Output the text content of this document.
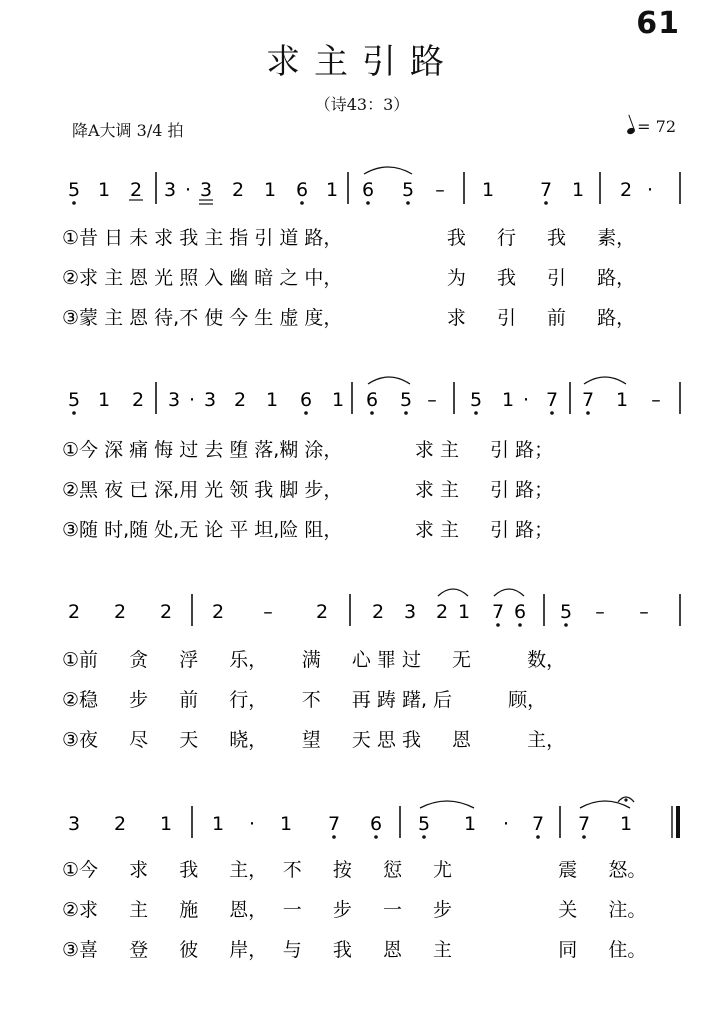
61
求主引路
（诗43：3）
降A大调 3/4 拍	= 72
5 1 2 3 · 3 2 1 6 1 6 5 – 1 7 1 2 ·
①昔 日 未 求 我 主 指 引 道 路，　　　　　　我 　 行 　 我 　 素，
②求 主 恩 光 照 入 幽 暗 之 中，　　　　　　为 　 我 　 引 　 路，
③蒙 主 恩 待,不 使 今 生 虚 度，　　　　　　求 　 引 　 前 　 路，
5 1 2 3 · 3 2 1 6 1 6 5 – 5 1 · 7 7 1 –
①今 深 痛 悔 过 去 堕 落,糊 涂，　　　　 求 主 　 引 路；
②黑 夜 已 深,用 光 领 我 脚 步，　　　　 求 主 　 引 路；
③随 时,随 处,无 论 平 坦,险 阻，　　　　 求 主 　 引 路；
2 2 2 2 – 2 2 3 2 1 7 6 5 – –
①前 　 贪 　 浮 　 乐，　　 满 　 心 罪 过 　 无 　 　 数，
②稳 　 步 　 前 　 行，　　 不 　 再 踌 躇, 后 　 　 顾，
③夜 　 尽 　 天 　 晓，　　 望 　 天 思 我 　 恩 　 　 主，
3 2 1 1 · 1 7 6 5 1 · 7 7 1
①今 　 求 　 我 　 主，　 不 　 按 　 愆 　 尤 　 　 　 　 震 　 怒。
②求 　 主 　 施 　 恩，　 一 　 步 　 一 　 步 　 　 　 　 关 　 注。
③喜 　 登 　 彼 　 岸，　 与 　 我 　 恩 　 主 　 　 　 　 同 　 住。
